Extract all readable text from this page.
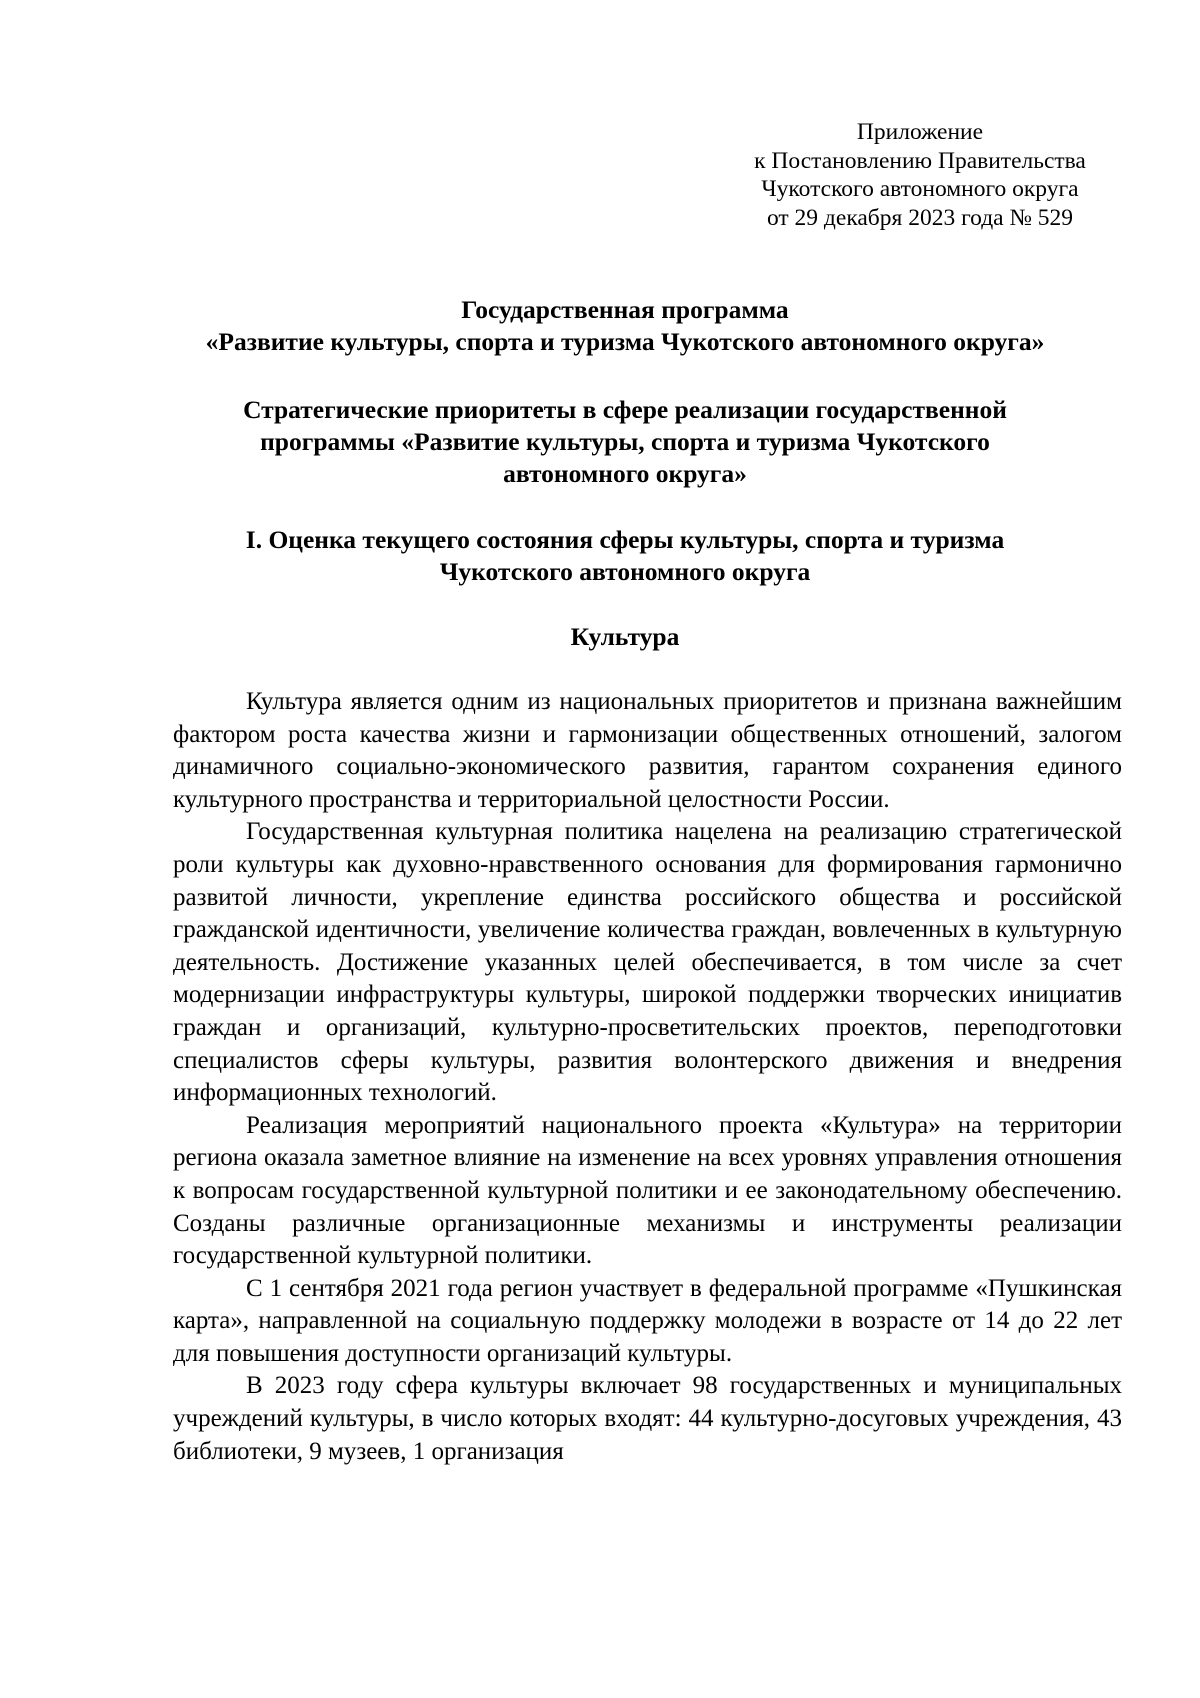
Приложение
к Постановлению Правительства
Чукотского автономного округа
от 29 декабря 2023 года № 529
Государственная программа
«Развитие культуры, спорта и туризма Чукотского автономного округа»
Стратегические приоритеты в сфере реализации государственной
программы «Развитие культуры, спорта и туризма Чукотского
автономного округа»
I. Оценка текущего состояния сферы культуры, спорта и туризма
Чукотского автономного округа
Культура

Культура является одним из национальных приоритетов и признана важнейшим фактором роста качества жизни и гармонизации общественных отношений, залогом динамичного социально-экономического развития, гарантом сохранения единого культурного пространства и территориальной целостности России.

Государственная культурная политика нацелена на реализацию стратегической роли культуры как духовно-нравственного основания для формирования гармонично развитой личности, укрепление единства российского общества и российской гражданской идентичности, увеличение количества граждан, вовлеченных в культурную деятельность. Достижение указанных целей обеспечивается, в том числе за счет модернизации инфраструктуры культуры, широкой поддержки творческих инициатив граждан и организаций, культурно-просветительских проектов, переподготовки специалистов сферы культуры, развития волонтерского движения и внедрения информационных технологий.

Реализация мероприятий национального проекта «Культура» на территории региона оказала заметное влияние на изменение на всех уровнях управления отношения к вопросам государственной культурной политики и ее законодательному обеспечению. Созданы различные организационные механизмы и инструменты реализации государственной культурной политики.

С 1 сентября 2021 года регион участвует в федеральной программе «Пушкинская карта», направленной на социальную поддержку молодежи в возрасте от 14 до 22 лет для повышения доступности организаций культуры.

В 2023 году сфера культуры включает 98 государственных и муниципальных учреждений культуры, в число которых входят: 44 культурно-досуговых учреждения, 43 библиотеки, 9 музеев, 1 организация
